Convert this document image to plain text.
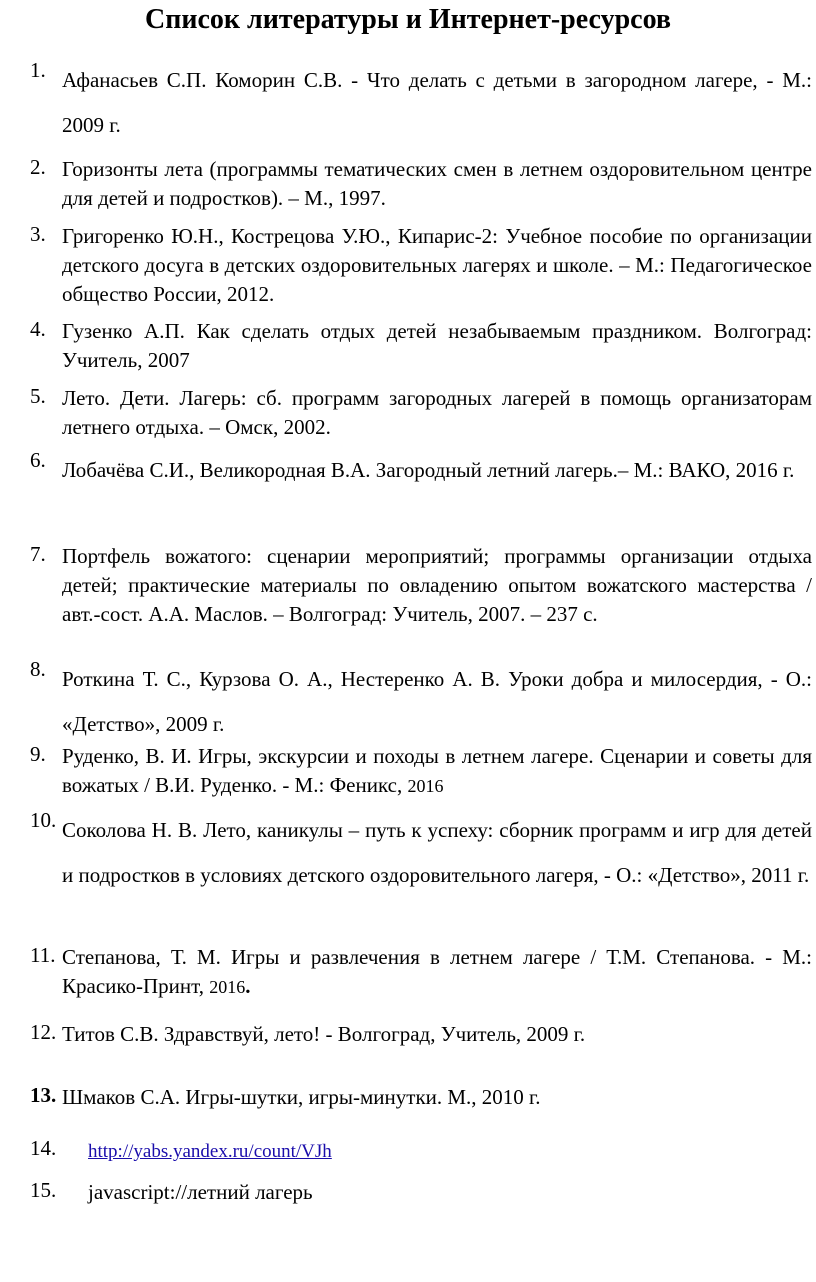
Список литературы и Интернет-ресурсов
1. Афанасьев С.П. Коморин С.В. - Что делать с детьми в загородном лагере, - М.: 2009 г.
2. Горизонты лета (программы тематических смен в летнем оздоровительном центре для детей и подростков). – М., 1997.
3. Григоренко Ю.Н., Кострецова У.Ю., Кипарис-2: Учебное пособие по организации детского досуга в детских оздоровительных лагерях и школе. – М.: Педагогическое общество России, 2012.
4. Гузенко А.П. Как сделать отдых детей незабываемым праздником. Волгоград: Учитель, 2007
5. Лето. Дети. Лагерь: сб. программ загородных лагерей в помощь организаторам летнего отдыха. – Омск, 2002.
6. Лобачёва С.И., Великородная В.А. Загородный летний лагерь.– М.: ВАКО, 2016 г.
7. Портфель вожатого: сценарии мероприятий; программы организации отдыха детей; практические материалы по овладению опытом вожатского мастерства / авт.-сост. А.А. Маслов. – Волгоград: Учитель, 2007. – 237 с.
8. Роткина Т. С., Курзова О. А., Нестеренко А. В. Уроки добра и милосердия, - О.: «Детство», 2009 г.
9. Руденко, В. И. Игры, экскурсии и походы в летнем лагере. Сценарии и советы для вожатых / В.И. Руденко. - М.: Феникс, 2016
10. Соколова Н. В. Лето, каникулы – путь к успеху: сборник программ и игр для детей и подростков в условиях детского оздоровительного лагеря, - О.: «Детство», 2011 г.
11. Степанова, Т. М. Игры и развлечения в летнем лагере / Т.М. Степанова. - М.: Красико-Принт, 2016.
12. Титов С.В. Здравствуй, лето! - Волгоград, Учитель, 2009 г.
13. Шмаков С.А. Игры-шутки, игры-минутки. М., 2010 г.
14. http://yabs.yandex.ru/count/VJh
15. javascript://летний лагерь
